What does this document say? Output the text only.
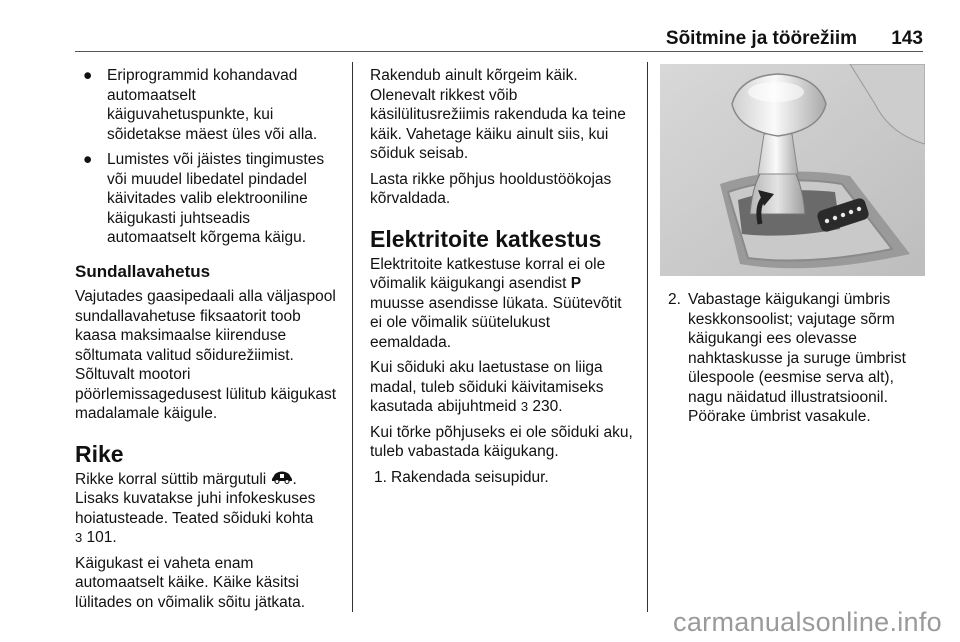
Sõitmine ja töörežiim 143
● Eriprogrammid kohandavad automaatselt käiguvahetuspunkte, kui sõidetakse mäest üles või alla.
● Lumistes või jäistes tingimustes või muudel libedatel pindadel käivitades valib elektrooniline käigukasti juhtseadis automaatselt kõrgema käigu.
Sundallavahetus
Vajutades gaasipedaali alla väljaspool sundallavahetuse fiksaatorit toob kaasa maksimaalse kiirenduse sõltumata valitud sõidurežiimist. Sõltuvalt mootori pöörlemissagedusest lülitub käigukast madalamale käigule.
Rike
Rikke korral süttib märgutuli . Lisaks kuvatakse juhi infokeskuses hoiatusteade. Teated sõiduki kohta
3 101.
Käigukast ei vaheta enam automaatselt käike. Käike käsitsi lülitades on võimalik sõitu jätkata.
Rakendub ainult kõrgeim käik. Olenevalt rikkest võib käsilülitusrežiimis rakenduda ka teine käik. Vahetage käiku ainult siis, kui sõiduk seisab.
Lasta rikke põhjus hooldustöökojas kõrvaldada.
Elektritoite katkestus
Elektritoite katkestuse korral ei ole võimalik käigukangi asendist P muusse asendisse lükata. Süütevõtit ei ole võimalik süütelukust eemaldada.
Kui sõiduki aku laetustase on liiga madal, tuleb sõiduki käivitamiseks kasutada abijuhtmeid 3 230.
Kui tõrke põhjuseks ei ole sõiduki aku, tuleb vabastada käigukang.
1. Rakendada seisupidur.
2. Vabastage käigukangi ümbris keskkonsoolist; vajutage sõrm käigukangi ees olevasse nahktaskusse ja suruge ümbrist ülespoole (eesmise serva alt), nagu näidatud illustratsioonil. Pöörake ümbrist vasakule.
carmanualsonline.info
